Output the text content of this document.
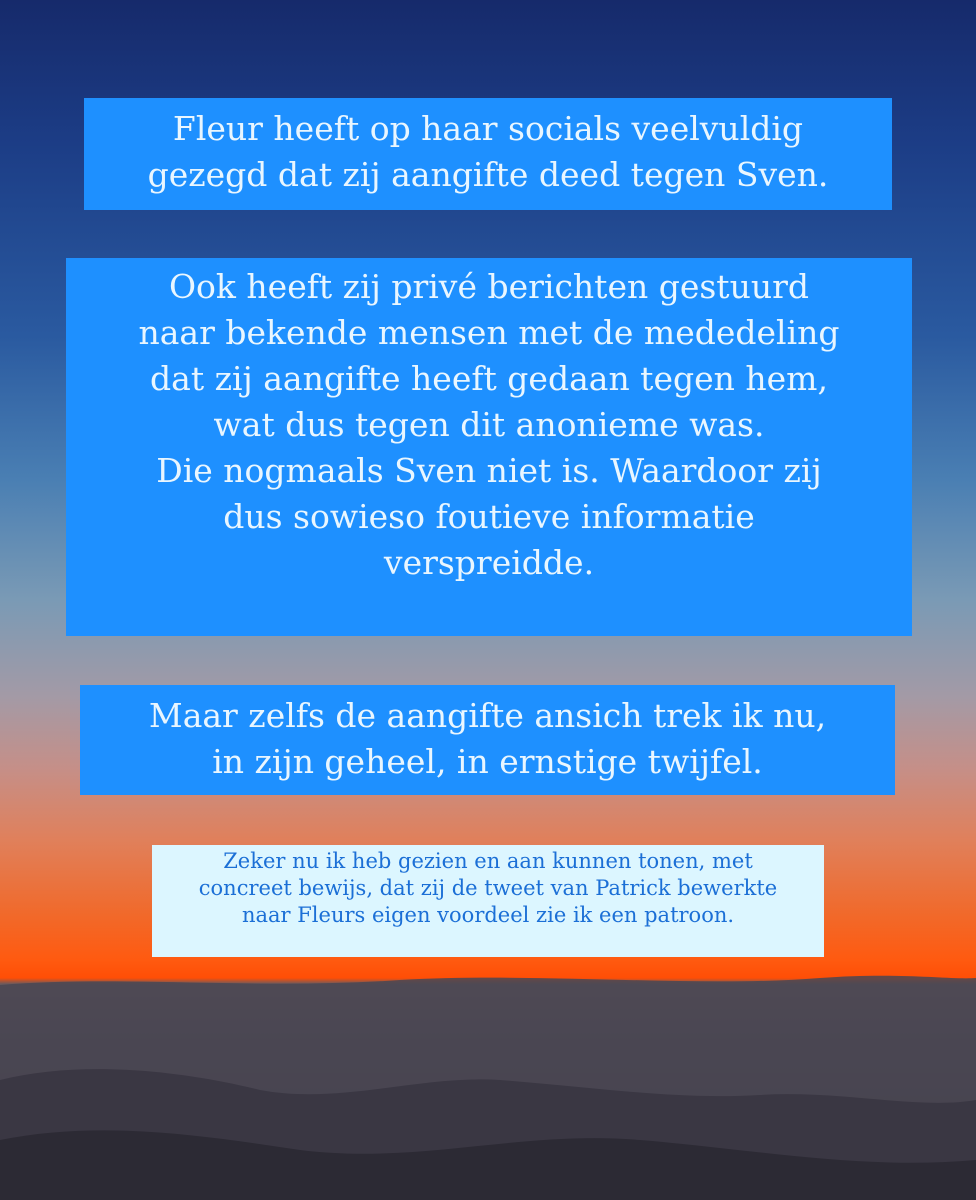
Fleur heeft op haar socials veelvuldig
gezegd dat zij aangifte deed tegen Sven.
Ook heeft zij privé berichten gestuurd
naar bekende mensen met de mededeling
dat zij aangifte heeft gedaan tegen hem,
wat dus tegen dit anonieme was.
Die nogmaals Sven niet is. Waardoor zij
dus sowieso foutieve informatie
verspreidde.
Maar zelfs de aangifte ansich trek ik nu,
in zijn geheel, in ernstige twijfel.
Zeker nu ik heb gezien en aan kunnen tonen, met
concreet bewijs, dat zij de tweet van Patrick bewerkte
naar Fleurs eigen voordeel zie ik een patroon.
